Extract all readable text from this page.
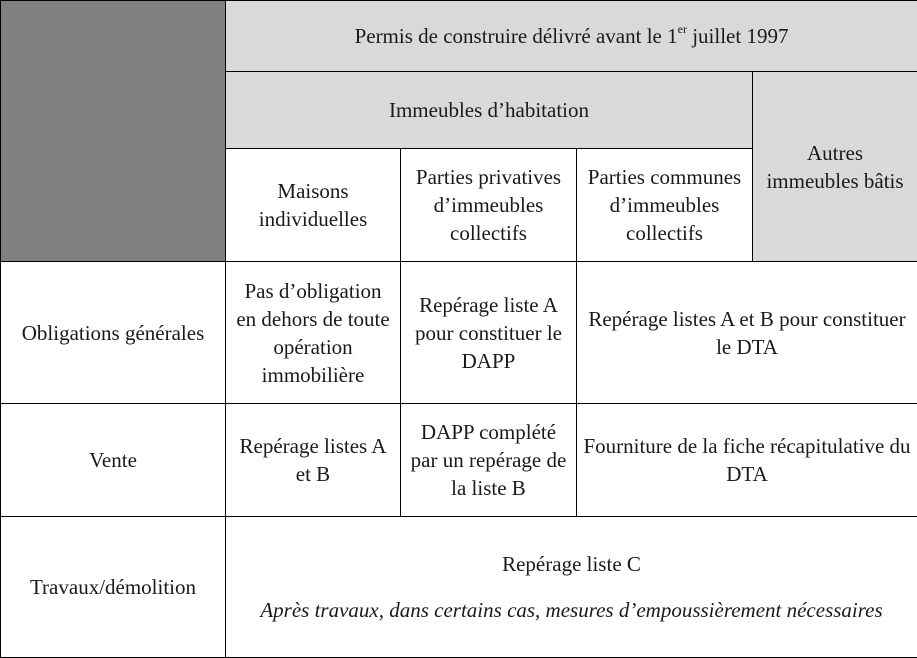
	Permis de construire délivré avant le 1er juillet 1997			
	Immeubles d’habitation			Autres immeubles bâtis
	Maisons individuelles	Parties privatives d’immeubles collectifs	Parties communes d’immeubles collectifs	
Obligations générales	Pas d’obligation en dehors de toute opération immobilière	Repérage liste A pour constituer le DAPP	Repérage listes A et B pour constituer le DTA	
Vente	Repérage listes A et B	DAPP complété par un repérage de la liste B	Fourniture de la fiche récapitulative du DTA	
Travaux/démolition	Repérage liste C
Après travaux, dans certains cas, mesures d’empoussièrement nécessaires			
